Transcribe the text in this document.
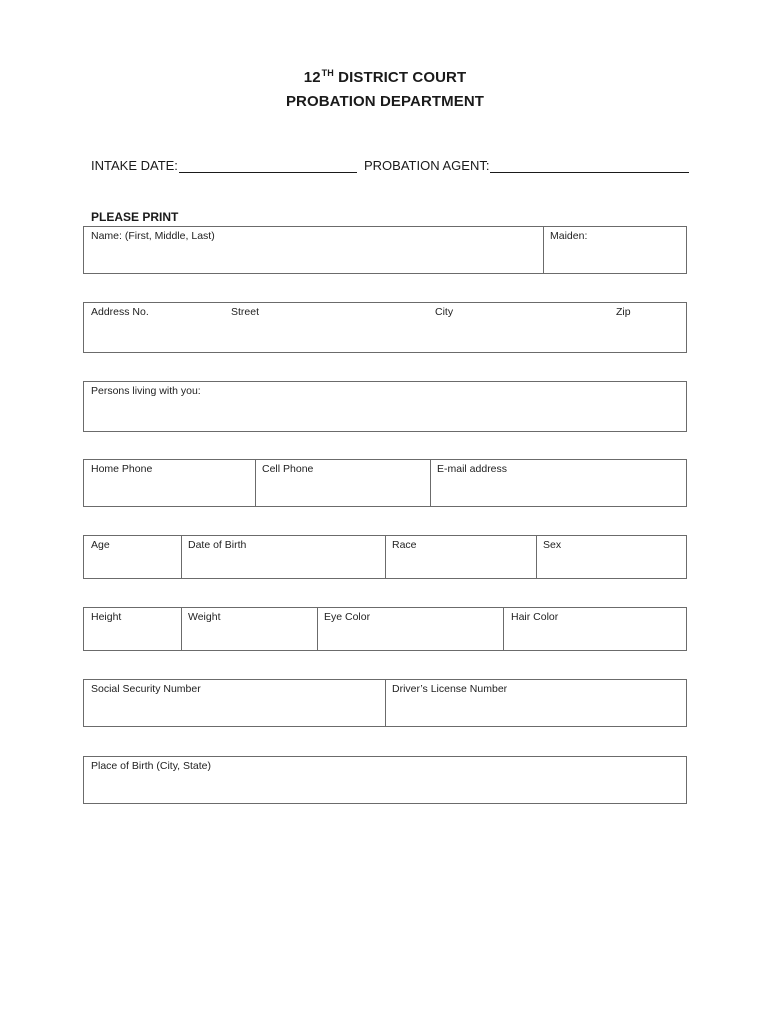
12TH DISTRICT COURT
PROBATION DEPARTMENT
INTAKE DATE:	PROBATION AGENT:
PLEASE PRINT
Name: (First, Middle, Last)	Maiden:
Address No.	Street	City	Zip
Persons living with you:
Home Phone	Cell Phone	E-mail address
Age	Date of Birth	Race	Sex
Height	Weight	Eye Color	Hair Color
Social Security Number	Driver’s License Number
Place of Birth (City, State)
